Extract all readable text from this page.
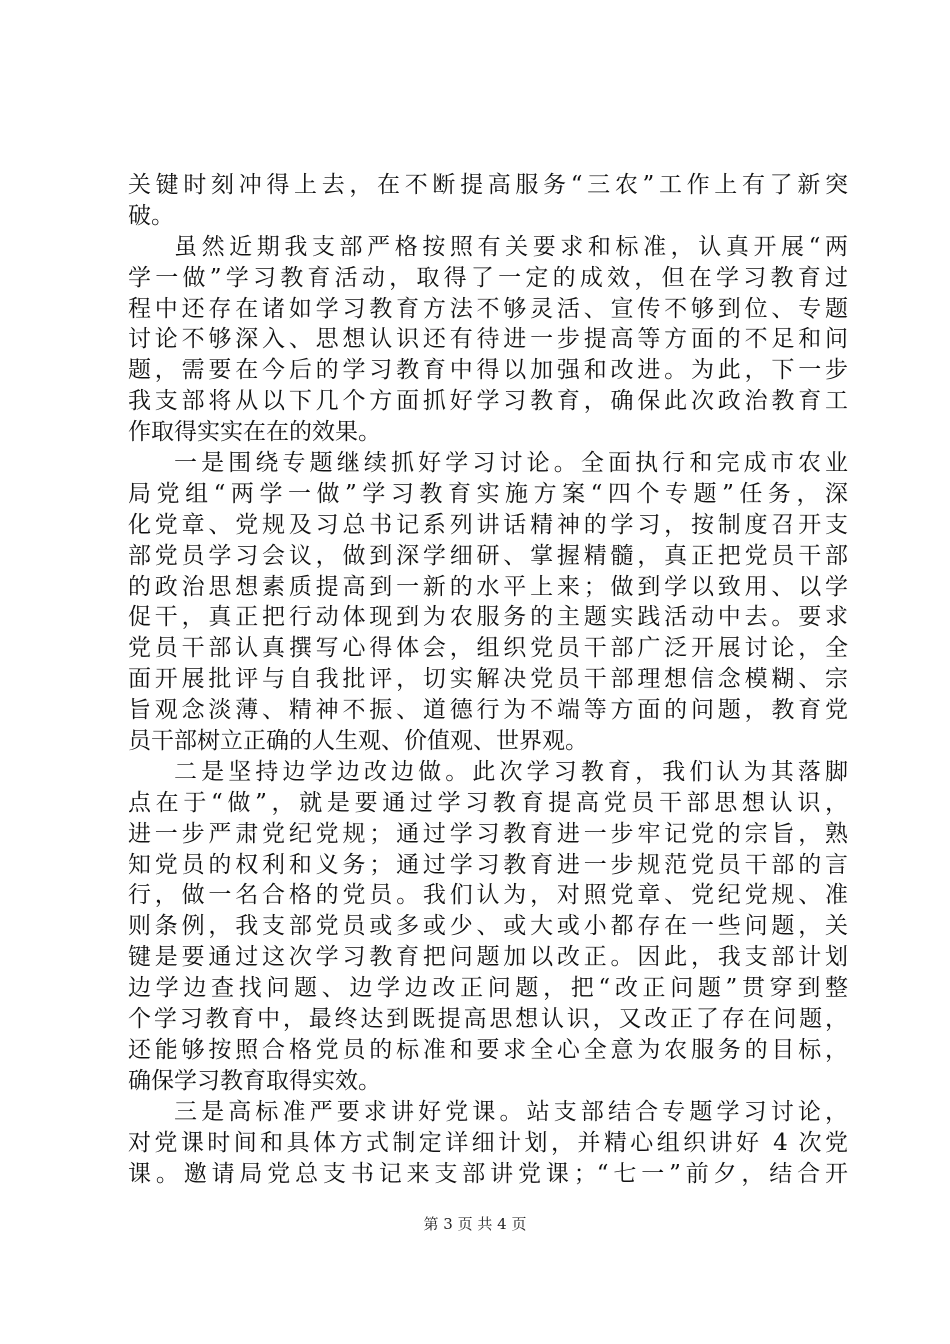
关键时刻冲得上去，在不断提高服务“三农”工作上有了新突
破。
虽然近期我支部严格按照有关要求和标准，认真开展“两
学一做”学习教育活动，取得了一定的成效，但在学习教育过
程中还存在诸如学习教育方法不够灵活、宣传不够到位、专题
讨论不够深入、思想认识还有待进一步提高等方面的不足和问
题，需要在今后的学习教育中得以加强和改进。为此，下一步
我支部将从以下几个方面抓好学习教育，确保此次政治教育工
作取得实实在在的效果。
一是围绕专题继续抓好学习讨论。全面执行和完成市农业
局党组“两学一做”学习教育实施方案“四个专题”任务，深
化党章、党规及习总书记系列讲话精神的学习，按制度召开支
部党员学习会议，做到深学细研、掌握精髓，真正把党员干部
的政治思想素质提高到一新的水平上来；做到学以致用、以学
促干，真正把行动体现到为农服务的主题实践活动中去。要求
党员干部认真撰写心得体会，组织党员干部广泛开展讨论，全
面开展批评与自我批评，切实解决党员干部理想信念模糊、宗
旨观念淡薄、精神不振、道德行为不端等方面的问题，教育党
员干部树立正确的人生观、价值观、世界观。
二是坚持边学边改边做。此次学习教育，我们认为其落脚
点在于“做”，就是要通过学习教育提高党员干部思想认识，
进一步严肃党纪党规；通过学习教育进一步牢记党的宗旨，熟
知党员的权利和义务；通过学习教育进一步规范党员干部的言
行，做一名合格的党员。我们认为，对照党章、党纪党规、准
则条例，我支部党员或多或少、或大或小都存在一些问题，关
键是要通过这次学习教育把问题加以改正。因此，我支部计划
边学边查找问题、边学边改正问题，把“改正问题”贯穿到整
个学习教育中，最终达到既提高思想认识，又改正了存在问题，
还能够按照合格党员的标准和要求全心全意为农服务的目标，
确保学习教育取得实效。
三是高标准严要求讲好党课。站支部结合专题学习讨论，
对党课时间和具体方式制定详细计划，并精心组织讲好 4 次党
课。邀请局党总支书记来支部讲党课；“七一”前夕，结合开
第 3 页 共 4 页
